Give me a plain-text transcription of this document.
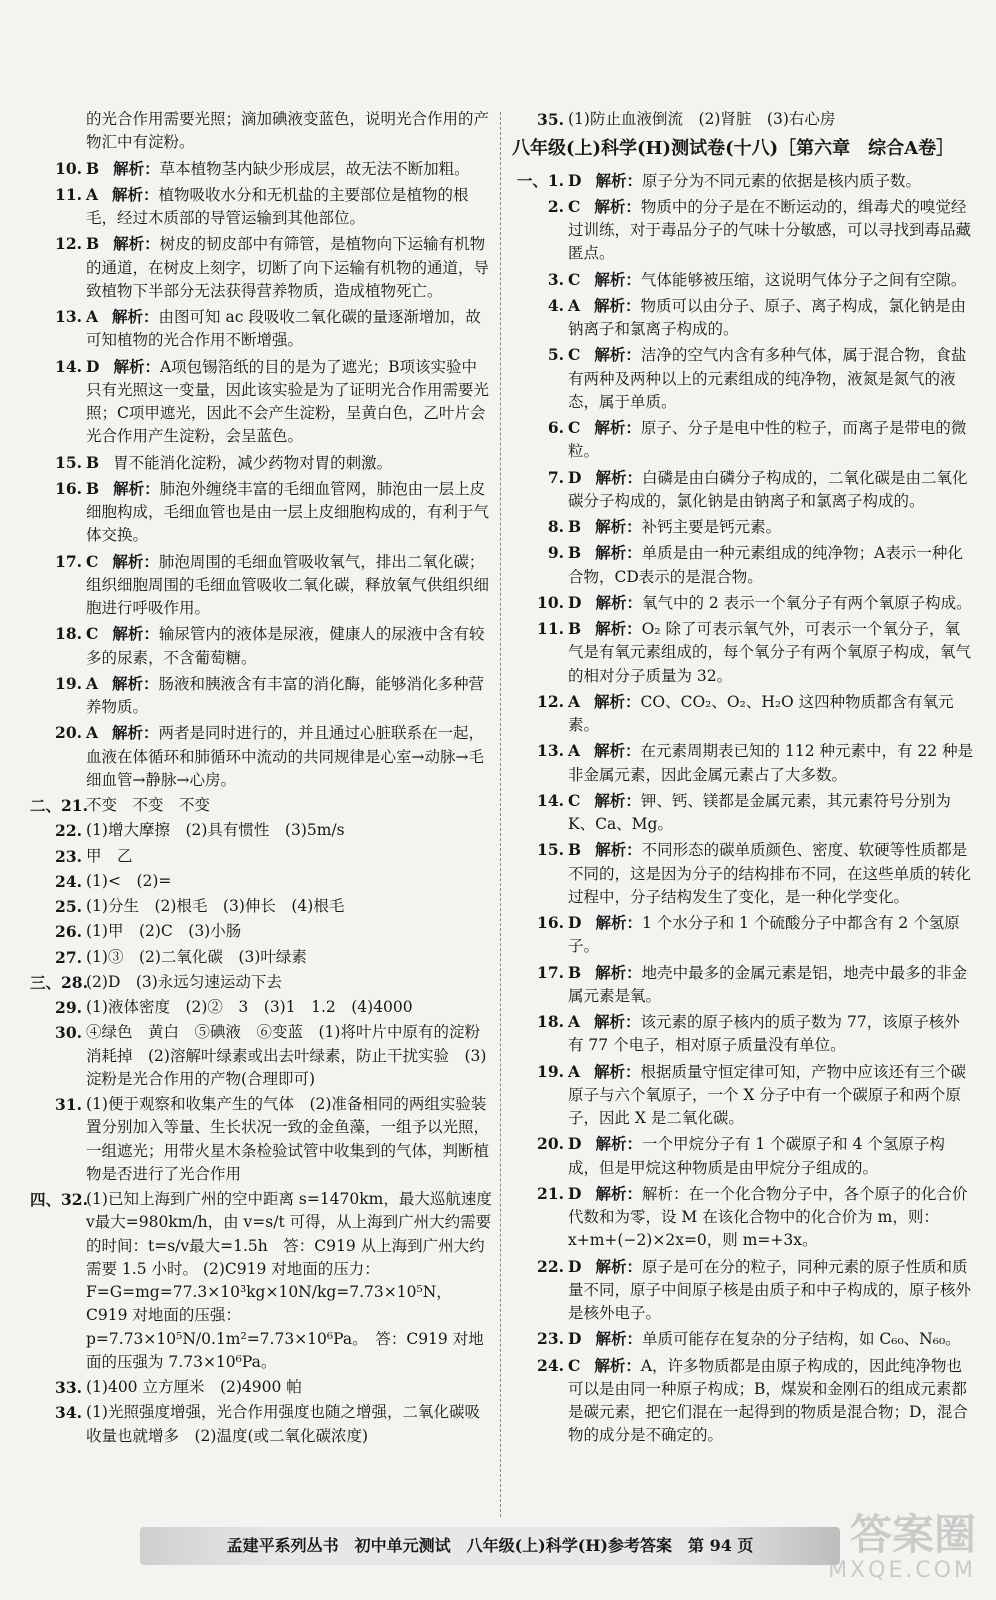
的光合作用需要光照；滴加碘液变蓝色，说明光合作用的产物汇中有淀粉。
10. B 解析：草本植物茎内缺少形成层，故无法不断加粗。
11. A 解析：植物吸收水分和无机盐的主要部位是植物的根毛，经过木质部的导管运输到其他部位。
12. B 解析：树皮的韧皮部中有筛管，是植物向下运输有机物的通道，在树皮上刻字，切断了向下运输有机物的通道，导致植物下半部分无法获得营养物质，造成植物死亡。
13. A 解析：由图可知 ac 段吸收二氧化碳的量逐渐增加，故可知植物的光合作用不断增强。
14. D 解析：A项包锡箔纸的目的是为了遮光；B项该实验中只有光照这一变量，因此该实验是为了证明光合作用需要光照；C项甲遮光，因此不会产生淀粉，呈黄白色，乙叶片会光合作用产生淀粉，会呈蓝色。
15. B 胃不能消化淀粉，减少药物对胃的刺激。
16. B 解析：肺泡外缠绕丰富的毛细血管网，肺泡由一层上皮细胞构成，毛细血管也是由一层上皮细胞构成的，有利于气体交换。
17. C 解析：肺泡周围的毛细血管吸收氧气，排出二氧化碳；组织细胞周围的毛细血管吸收二氧化碳，释放氧气供组织细胞进行呼吸作用。
18. C 解析：输尿管内的液体是尿液，健康人的尿液中含有较多的尿素，不含葡萄糖。
19. A 解析：肠液和胰液含有丰富的消化酶，能够消化多种营养物质。
20. A 解析：两者是同时进行的，并且通过心脏联系在一起，血液在体循环和肺循环中流动的共同规律是心室→动脉→毛细血管→静脉→心房。
二、21.
不变　不变　不变
22. (1)增大摩擦　(2)具有惯性　(3)5m/s
23. 甲　乙
24. (1)<　(2)=
25. (1)分生　(2)根毛　(3)伸长　(4)根毛
26. (1)甲　(2)C　(3)小肠
27. (1)③　(2)二氧化碳　(3)叶绿素
三、28.
(2)D　(3)永远匀速运动下去
29. (1)液体密度　(2)②　3　(3)1　1.2　(4)4000
30. ④绿色　黄白　⑤碘液　⑥变蓝　(1)将叶片中原有的淀粉消耗掉　(2)溶解叶绿素或出去叶绿素，防止干扰实验　(3)淀粉是光合作用的产物(合理即可)
31. (1)便于观察和收集产生的气体　(2)准备相同的两组实验装置分别加入等量、生长状况一致的金鱼藻，一组予以光照，一组遮光；用带火星木条检验试管中收集到的气体，判断植物是否进行了光合作用
四、32.
(1)已知上海到广州的空中距离 s=1470km，最大巡航速度 v最大=980km/h，由 v=s/t 可得，从上海到广州大约需要的时间：t=s/v最大=1.5h　答：C919 从上海到广州大约需要 1.5 小时。 (2)C919 对地面的压力：F=G=mg=77.3×10³kg×10N/kg=7.73×10⁵N，C919 对地面的压强：p=7.73×10⁵N/0.1m²=7.73×10⁶Pa。　答：C919 对地面的压强为 7.73×10⁶Pa。
33. (1)400 立方厘米　(2)4900 帕
34. (1)光照强度增强，光合作用强度也随之增强，二氧化碳吸收量也就增多　(2)温度(或二氧化碳浓度)
35. (1)防止血液倒流　(2)肾脏　(3)右心房
八年级(上)科学(H)测试卷(十八)［第六章　综合A卷］
一、1. D 解析：原子分为不同元素的依据是核内质子数。
2. C 解析：物质中的分子是在不断运动的，缉毒犬的嗅觉经过训练，对于毒品分子的气味十分敏感，可以寻找到毒品藏匿点。
3. C 解析：气体能够被压缩，这说明气体分子之间有空隙。
4. A 解析：物质可以由分子、原子、离子构成，氯化钠是由钠离子和氯离子构成的。
5. C 解析：洁净的空气内含有多种气体，属于混合物，食盐有两种及两种以上的元素组成的纯净物，液氮是氮气的液态，属于单质。
6. C 解析：原子、分子是电中性的粒子，而离子是带电的微粒。
7. D 解析：白磷是由白磷分子构成的，二氧化碳是由二氧化碳分子构成的，氯化钠是由钠离子和氯离子构成的。
8. B 解析：补钙主要是钙元素。
9. B 解析：单质是由一种元素组成的纯净物；A表示一种化合物，CD表示的是混合物。
10. D 解析：氧气中的 2 表示一个氧分子有两个氧原子构成。
11. B 解析：O₂ 除了可表示氧气外，可表示一个氧分子，氧气是有氧元素组成的，每个氧分子有两个氧原子构成，氧气的相对分子质量为 32。
12. A 解析：CO、CO₂、O₂、H₂O 这四种物质都含有氧元素。
13. A 解析：在元素周期表已知的 112 种元素中，有 22 种是非金属元素，因此金属元素占了大多数。
14. C 解析：钾、钙、镁都是金属元素，其元素符号分别为 K、Ca、Mg。
15. B 解析：不同形态的碳单质颜色、密度、软硬等性质都是不同的，这是因为分子的结构排布不同，在这些单质的转化过程中，分子结构发生了变化，是一种化学变化。
16. D 解析：1 个水分子和 1 个硫酸分子中都含有 2 个氢原子。
17. B 解析：地壳中最多的金属元素是铝，地壳中最多的非金属元素是氧。
18. A 解析：该元素的原子核内的质子数为 77，该原子核外有 77 个电子，相对原子质量没有单位。
19. A 解析：根据质量守恒定律可知，产物中应该还有三个碳原子与六个氧原子，一个 X 分子中有一个碳原子和两个原子，因此 X 是二氧化碳。
20. D 解析：一个甲烷分子有 1 个碳原子和 4 个氢原子构成，但是甲烷这种物质是由甲烷分子组成的。
21. D 解析：解析：在一个化合物分子中，各个原子的化合价代数和为零，设 M 在该化合物中的化合价为 m，则：x+m+(−2)×2x=0，则 m=+3x。
22. D 解析：原子是可在分的粒子，同种元素的原子性质和质量不同，原子中间原子核是由质子和中子构成的，原子核外是核外电子。
23. D 解析：单质可能存在复杂的分子结构，如 C₆₀、N₆₀。
24. C 解析：A，许多物质都是由原子构成的，因此纯净物也可以是由同一种原子构成；B，煤炭和金刚石的组成元素都是碳元素，把它们混在一起得到的物质是混合物；D，混合物的成分是不确定的。
孟建平系列丛书　初中单元测试　八年级(上)科学(H)参考答案　第 94 页	答案圈
MXQE.COM
